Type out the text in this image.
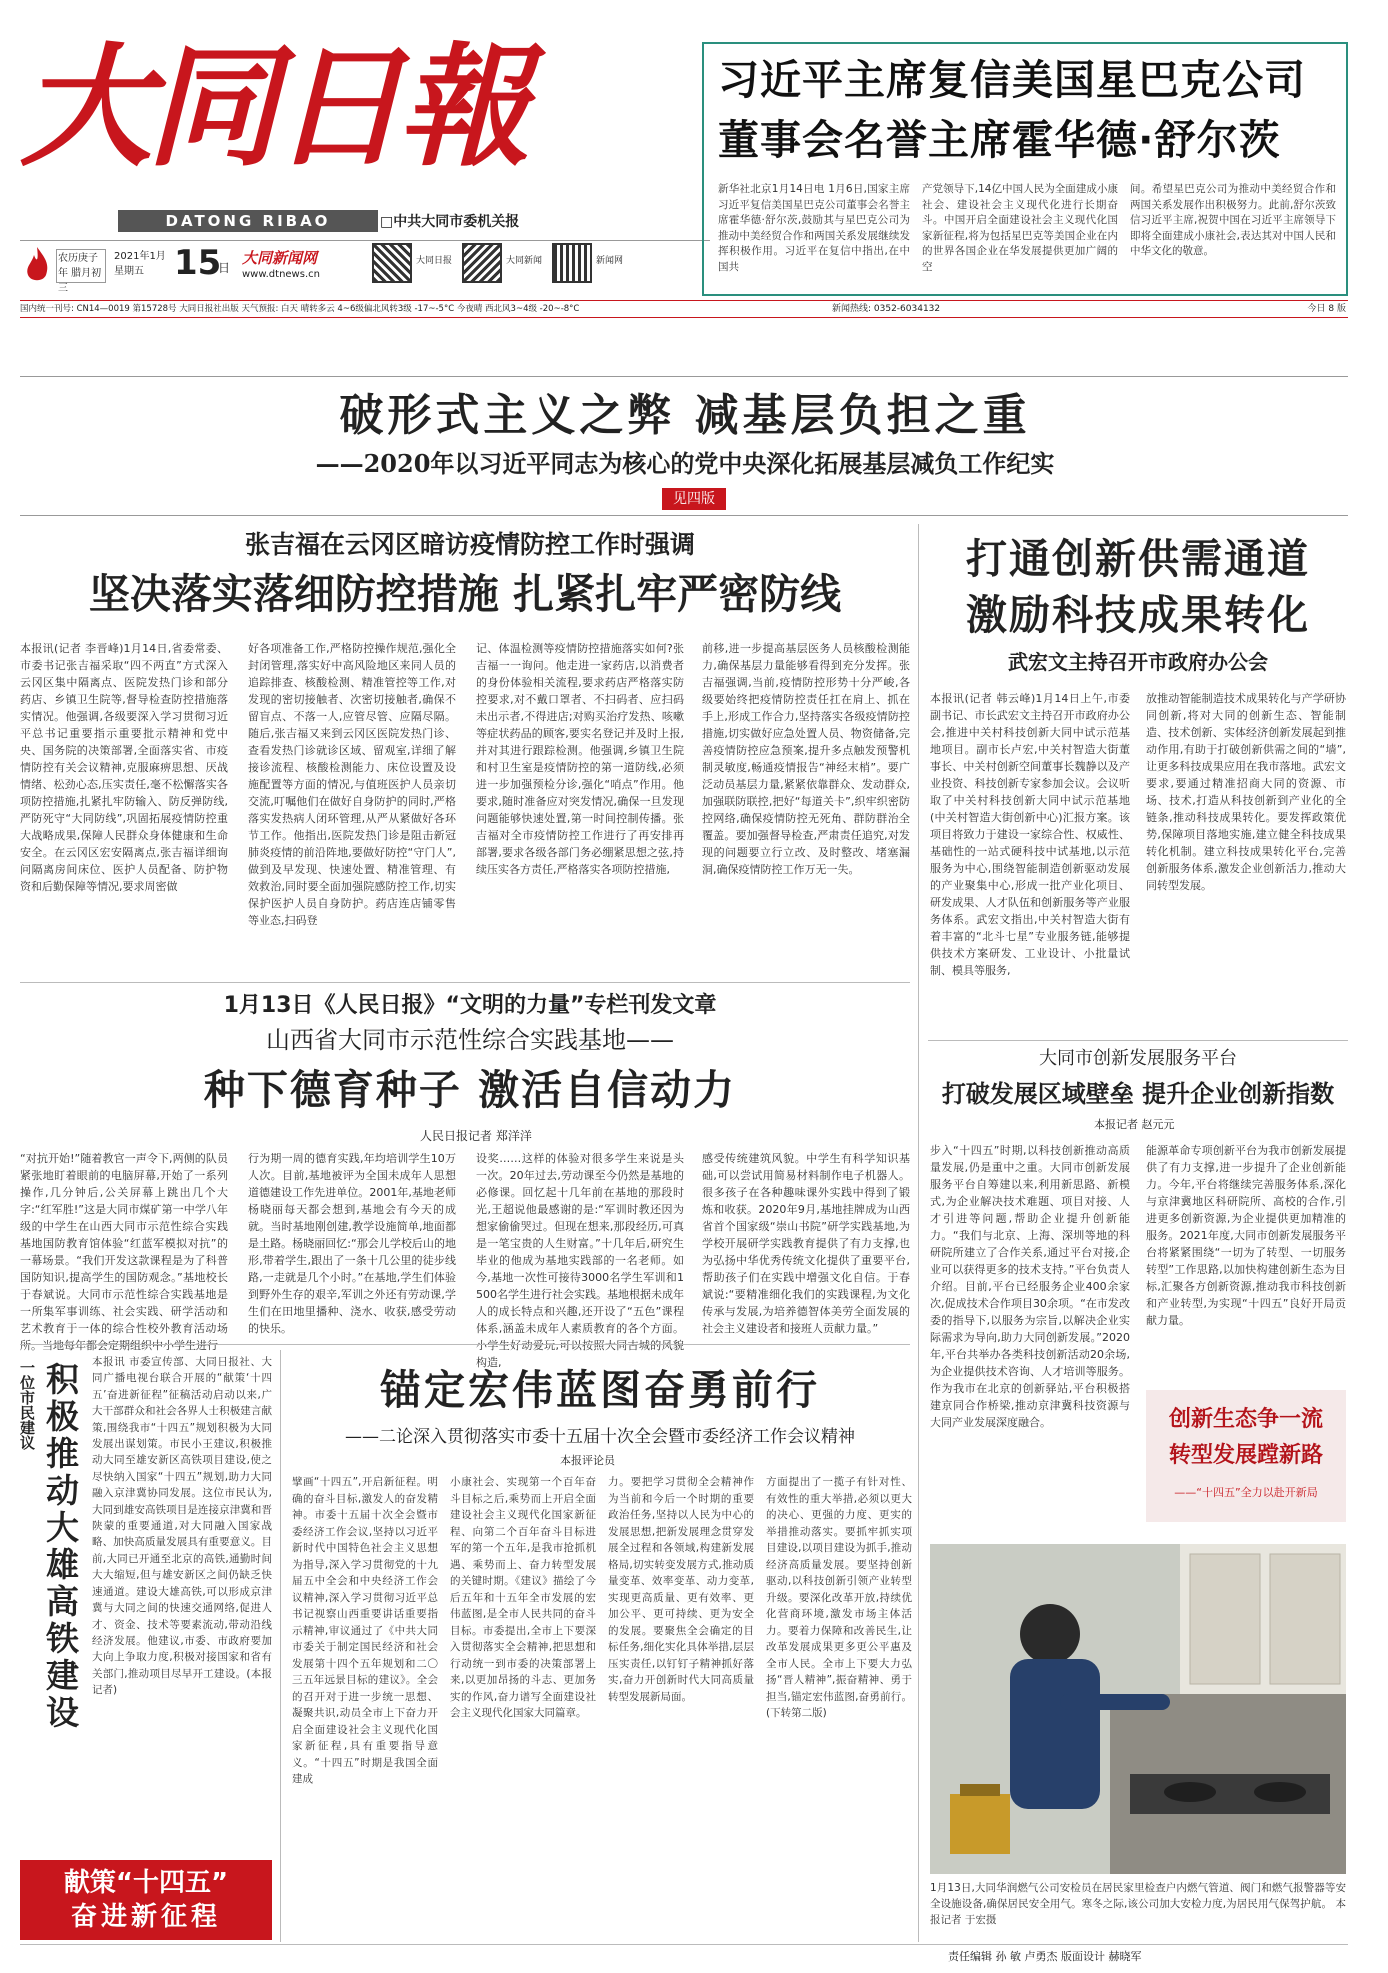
大同日報
DATONG RIBAO	□中共大同市委机关报
农历庚子年 腊月初三
2021年1月 星期五 15
日
大同新闻网
www.dtnews.cn
大同日报	大同新闻	新闻网
习近平主席复信美国星巴克公司
董事会名誉主席霍华德·舒尔茨
新华社北京1月14日电 1月6日,国家主席习近平复信美国星巴克公司董事会名誉主席霍华德·舒尔茨,鼓励其与星巴克公司为推动中美经贸合作和两国关系发展继续发挥积极作用。习近平在复信中指出,在中国共
产党领导下,14亿中国人民为全面建成小康社会、建设社会主义现代化进行长期奋斗。中国开启全面建设社会主义现代化国家新征程,将为包括星巴克等美国企业在内的世界各国企业在华发展提供更加广阔的空
间。希望星巴克公司为推动中美经贸合作和两国关系发展作出积极努力。此前,舒尔茨致信习近平主席,祝贺中国在习近平主席领导下即将全面建成小康社会,表达其对中国人民和中华文化的敬意。
国内统一刊号: CN14—0019 第15728号 大同日报社出版 天气预报: 白天 晴转多云 4~6级偏北风转3级 -17~-5°C 今夜晴 西北风3~4级 -20~-8°C	新闻热线: 0352-6034132	今日 8 版
破形式主义之弊 减基层负担之重
——2020年以习近平同志为核心的党中央深化拓展基层减负工作纪实
见四版
张吉福在云冈区暗访疫情防控工作时强调
坚决落实落细防控措施 扎紧扎牢严密防线
本报讯(记者 李晋峰)1月14日,省委常委、市委书记张吉福采取“四不两直”方式深入云冈区集中隔离点、医院发热门诊和部分药店、乡镇卫生院等,督导检查防控措施落实情况。他强调,各级要深入学习贯彻习近平总书记重要指示重要批示精神和党中央、国务院的决策部署,全面落实省、市疫情防控有关会议精神,克服麻痹思想、厌战情绪、松劲心态,压实责任,毫不松懈落实各项防控措施,扎紧扎牢防输入、防反弹防线,严防死守“大同防线”,巩固拓展疫情防控重大战略成果,保障人民群众身体健康和生命安全。在云冈区宏安隔离点,张吉福详细询问隔离房间床位、医护人员配备、防护物资和后勤保障等情况,要求周密做
好各项准备工作,严格防控操作规范,强化全封闭管理,落实好中高风险地区来同人员的追踪排查、核酸检测、精准管控等工作,对发现的密切接触者、次密切接触者,确保不留盲点、不落一人,应管尽管、应隔尽隔。随后,张吉福又来到云冈区医院发热门诊、查看发热门诊就诊区域、留观室,详细了解接诊流程、核酸检测能力、床位设置及设施配置等方面的情况,与值班医护人员亲切交流,叮嘱他们在做好自身防护的同时,严格落实发热病人闭环管理,从严从紧做好各环节工作。他指出,医院发热门诊是阻击新冠肺炎疫情的前沿阵地,要做好防控“守门人”,做到及早发现、快速处置、精准管理、有效救治,同时要全面加强院感防控工作,切实保护医护人员自身防护。药店连店铺零售等业态,扫码登
记、体温检测等疫情防控措施落实如何?张吉福一一询问。他走进一家药店,以消费者的身份体验相关流程,要求药店严格落实防控要求,对不戴口罩者、不扫码者、应扫码未出示者,不得进店;对购买治疗发热、咳嗽等症状药品的顾客,要实名登记并及时上报,并对其进行跟踪检测。他强调,乡镇卫生院和村卫生室是疫情防控的第一道防线,必须进一步加强预检分诊,强化“哨点”作用。他要求,随时准备应对突发情况,确保一旦发现问题能够快速处置,第一时间控制传播。张吉福对全市疫情防控工作进行了再安排再部署,要求各级各部门务必绷紧思想之弦,持续压实各方责任,严格落实各项防控措施,
前移,进一步提高基层医务人员核酸检测能力,确保基层力量能够看得到充分发挥。张吉福强调,当前,疫情防控形势十分严峻,各级要始终把疫情防控责任扛在肩上、抓在手上,形成工作合力,坚持落实各级疫情防控措施,切实做好应急处置人员、物资储备,完善疫情防控应急预案,提升多点触发预警机制灵敏度,畅通疫情报告“神经末梢”。要广泛动员基层力量,紧紧依靠群众、发动群众,加强联防联控,把好“每道关卡”,织牢织密防控网络,确保疫情防控无死角、群防群治全覆盖。要加强督导检查,严肃责任追究,对发现的问题要立行立改、及时整改、堵塞漏洞,确保疫情防控工作万无一失。
1月13日《人民日报》“文明的力量”专栏刊发文章
山西省大同市示范性综合实践基地——
种下德育种子 激活自信动力
人民日报记者 郑洋洋
“对抗开始!”随着教官一声令下,两侧的队员紧张地盯着眼前的电脑屏幕,开始了一系列操作,几分钟后,公关屏幕上跳出几个大字:“红军胜!”这是大同市煤矿第一中学八年级的中学生在山西大同市示范性综合实践基地国防教育馆体验“红蓝军模拟对抗”的一幕场景。“我们开发这款课程是为了科普国防知识,提高学生的国防观念。”基地校长于春斌说。大同市示范性综合实践基地是一所集军事训练、社会实践、研学活动和艺术教育于一体的综合性校外教育活动场所。当地每年都会定期组织中小学生进行
行为期一周的德育实践,年均培训学生10万人次。目前,基地被评为全国未成年人思想道德建设工作先进单位。2001年,基地老师杨晓丽每天都会想到,基地会有今天的成就。当时基地刚创建,教学设施简单,地面都是土路。杨晓丽回忆:“那会儿学校后山的地形,带着学生,跟出了一条十几公里的徒步线路,一走就是几个小时。”在基地,学生们体验到野外生存的艰辛,军训之外还有劳动课,学生们在田地里播种、浇水、收获,感受劳动的快乐。
设奖……这样的体验对很多学生来说是头一次。20年过去,劳动课至今仍然是基地的必修课。回忆起十几年前在基地的那段时光,王超说他最感谢的是:“军训时教还因为想家偷偷哭过。但现在想来,那段经历,可真是一笔宝贵的人生财富。”十几年后,研究生毕业的他成为基地实践部的一名老师。如今,基地一次性可接待3000名学生军训和1500名学生进行社会实践。基地根据未成年人的成长特点和兴趣,还开设了“五色”课程体系,涵盖未成年人素质教育的各个方面。小学生好动爱玩,可以按照大同古城的风貌构造,
感受传统建筑风貌。中学生有科学知识基础,可以尝试用简易材料制作电子机器人。很多孩子在各种趣味课外实践中得到了锻炼和收获。2020年9月,基地挂牌成为山西省首个国家级“崇山书院”研学实践基地,为学校开展研学实践教育提供了有力支撑,也为弘扬中华优秀传统文化提供了重要平台,帮助孩子们在实践中增强文化自信。于春斌说:“要精准细化我们的实践课程,为文化传承与发展,为培养德智体美劳全面发展的社会主义建设者和接班人贡献力量。”
一位市民建议 积极推动大雄高铁建设	本报讯 市委宣传部、大同日报社、大同广播电视台联合开展的“献策‘十四五’奋进新征程”征稿活动启动以来,广大干部群众和社会各界人士积极建言献策,围绕我市“十四五”规划积极为大同发展出谋划策。市民小王建议,积极推动大同至雄安新区高铁项目建设,使之尽快纳入国家“十四五”规划,助力大同融入京津冀协同发展。这位市民认为,大同到雄安高铁项目是连接京津冀和晋陕蒙的重要通道,对大同融入国家战略、加快高质量发展具有重要意义。目前,大同已开通至北京的高铁,通勤时间大大缩短,但与雄安新区之间仍缺乏快速通道。建设大雄高铁,可以形成京津冀与大同之间的快速交通网络,促进人才、资金、技术等要素流动,带动沿线经济发展。他建议,市委、市政府要加大向上争取力度,积极对接国家和省有关部门,推动项目尽早开工建设。(本报记者)
献策“十四五”
奋进新征程
锚定宏伟蓝图奋勇前行
——二论深入贯彻落实市委十五届十次全会暨市委经济工作会议精神
本报评论员
擘画“十四五”,开启新征程。明确的奋斗目标,激发人的奋发精神。市委十五届十次全会暨市委经济工作会议,坚持以习近平新时代中国特色社会主义思想为指导,深入学习贯彻党的十九届五中全会和中央经济工作会议精神,深入学习贯彻习近平总书记视察山西重要讲话重要指示精神,审议通过了《中共大同市委关于制定国民经济和社会发展第十四个五年规划和二〇三五年远景目标的建议》。全会的召开对于进一步统一思想、凝聚共识,动员全市上下奋力开启全面建设社会主义现代化国家新征程,具有重要指导意义。“十四五”时期是我国全面建成
小康社会、实现第一个百年奋斗目标之后,乘势而上开启全面建设社会主义现代化国家新征程、向第二个百年奋斗目标进军的第一个五年,是我市抢抓机遇、乘势而上、奋力转型发展的关键时期。《建议》描绘了今后五年和十五年全市发展的宏伟蓝图,是全市人民共同的奋斗目标。市委提出,全市上下要深入贯彻落实全会精神,把思想和行动统一到市委的决策部署上来,以更加昂扬的斗志、更加务实的作风,奋力谱写全面建设社会主义现代化国家大同篇章。
力。要把学习贯彻全会精神作为当前和今后一个时期的重要政治任务,坚持以人民为中心的发展思想,把新发展理念贯穿发展全过程和各领域,构建新发展格局,切实转变发展方式,推动质量变革、效率变革、动力变革,实现更高质量、更有效率、更加公平、更可持续、更为安全的发展。要聚焦全会确定的目标任务,细化实化具体举措,层层压实责任,以钉钉子精神抓好落实,奋力开创新时代大同高质量转型发展新局面。
方面提出了一揽子有针对性、有效性的重大举措,必须以更大的决心、更强的力度、更实的举措推动落实。要抓牢抓实项目建设,以项目建设为抓手,推动经济高质量发展。要坚持创新驱动,以科技创新引领产业转型升级。要深化改革开放,持续优化营商环境,激发市场主体活力。要着力保障和改善民生,让改革发展成果更多更公平惠及全市人民。全市上下要大力弘扬“晋人精神”,振奋精神、勇于担当,锚定宏伟蓝图,奋勇前行。(下转第二版)
打通创新供需通道
激励科技成果转化
武宏文主持召开市政府办公会
本报讯(记者 韩云峰)1月14日上午,市委副书记、市长武宏文主持召开市政府办公会,推进中关村科技创新大同中试示范基地项目。副市长卢宏,中关村智造大街董事长、中关村创新空间董事长魏静以及产业投资、科技创新专家参加会议。会议听取了中关村科技创新大同中试示范基地(中关村智造大街创新中心)汇报方案。该项目将致力于建设一家综合性、权威性、基础性的一站式硬科技中试基地,以示范服务为中心,围绕智能制造创新驱动发展的产业聚集中心,形成一批产业化项目、研发成果、人才队伍和创新服务等产业服务体系。武宏文指出,中关村智造大街有着丰富的“北斗七星”专业服务链,能够提供技术方案研发、工业设计、小批量试制、模具等服务,
放推动智能制造技术成果转化与产学研协同创新,将对大同的创新生态、智能制造、技术创新、实体经济创新发展起到推动作用,有助于打破创新供需之间的“墙”,让更多科技成果应用在我市落地。武宏文要求,要通过精准招商大同的资源、市场、技术,打造从科技创新到产业化的全链条,推动科技成果转化。要发挥政策优势,保障项目落地实施,建立健全科技成果转化机制。建立科技成果转化平台,完善创新服务体系,激发企业创新活力,推动大同转型发展。
大同市创新发展服务平台
打破发展区域壁垒 提升企业创新指数
本报记者 赵元元
步入“十四五”时期,以科技创新推动高质量发展,仍是重中之重。大同市创新发展服务平台自筹建以来,利用新思路、新模式,为企业解决技术难题、项目对接、人才引进等问题,帮助企业提升创新能力。“我们与北京、上海、深圳等地的科研院所建立了合作关系,通过平台对接,企业可以获得更多的技术支持。”平台负责人介绍。目前,平台已经服务企业400余家次,促成技术合作项目30余项。“在市发改委的指导下,以服务为宗旨,以解决企业实际需求为导向,助力大同创新发展。”2020年,平台共举办各类科技创新活动20余场,为企业提供技术咨询、人才培训等服务。作为我市在北京的创新驿站,平台积极搭建京同合作桥梁,推动京津冀科技资源与大同产业发展深度融合。
能源革命专项创新平台为我市创新发展提供了有力支撑,进一步提升了企业创新能力。今年,平台将继续完善服务体系,深化与京津冀地区科研院所、高校的合作,引进更多创新资源,为企业提供更加精准的服务。2021年度,大同市创新发展服务平台将紧紧围绕“一切为了转型、一切服务转型”工作思路,以加快构建创新生态为目标,汇聚各方创新资源,推动我市科技创新和产业转型,为实现“十四五”良好开局贡献力量。
创新生态争一流
转型发展蹚新路
——“十四五”全力以赴开新局
1月13日,大同华润燃气公司安检员在居民家里检查户内燃气管道、阀门和燃气报警器等安全设施设备,确保居民安全用气。寒冬之际,该公司加大安检力度,为居民用气保驾护航。 本报记者 于宏摄
责任编辑 孙 敏 卢勇杰 版面设计 赫晓军
